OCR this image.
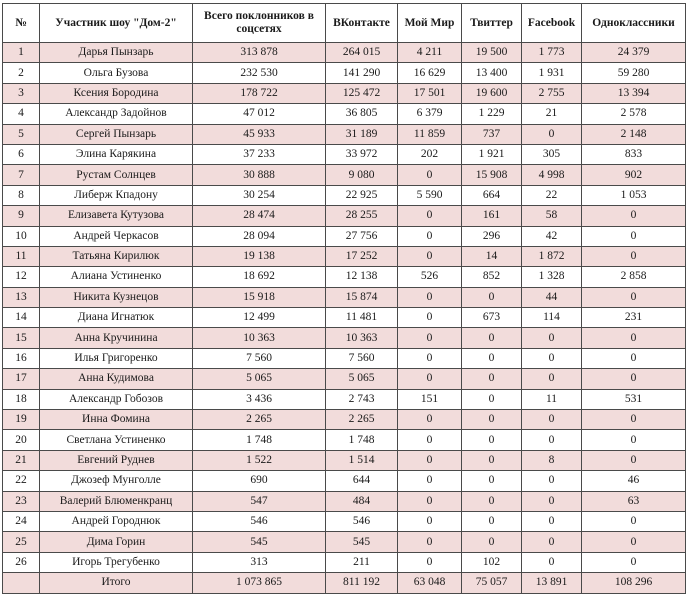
№	Участник шоу "Дом-2"	Всего поклонников в соцсетях	ВКонтакте	Мой Мир	Твиттер	Facebook	Одноклассники
1	Дарья Пынзарь	313 878	264 015	4 211	19 500	1 773	24 379
2	Ольга Бузова	232 530	141 290	16 629	13 400	1 931	59 280
3	Ксения Бородина	178 722	125 472	17 501	19 600	2 755	13 394
4	Александр Задойнов	47 012	36 805	6 379	1 229	21	2 578
5	Сергей Пынзарь	45 933	31 189	11 859	737	0	2 148
6	Элина Карякина	37 233	33 972	202	1 921	305	833
7	Рустам Солнцев	30 888	9 080	0	15 908	4 998	902
8	Либерж Кпадону	30 254	22 925	5 590	664	22	1 053
9	Елизавета Кутузова	28 474	28 255	0	161	58	0
10	Андрей Черкасов	28 094	27 756	0	296	42	0
11	Татьяна Кирилюк	19 138	17 252	0	14	1 872	0
12	Алиана Устиненко	18 692	12 138	526	852	1 328	2 858
13	Никита Кузнецов	15 918	15 874	0	0	44	0
14	Диана Игнатюк	12 499	11 481	0	673	114	231
15	Анна Кручинина	10 363	10 363	0	0	0	0
16	Илья Григоренко	7 560	7 560	0	0	0	0
17	Анна Кудимова	5 065	5 065	0	0	0	0
18	Александр Гобозов	3 436	2 743	151	0	11	531
19	Инна Фомина	2 265	2 265	0	0	0	0
20	Светлана Устиненко	1 748	1 748	0	0	0	0
21	Евгений Руднев	1 522	1 514	0	0	8	0
22	Джозеф Мунголле	690	644	0	0	0	46
23	Валерий Блюменкранц	547	484	0	0	0	63
24	Андрей Городнюк	546	546	0	0	0	0
25	Дима Горин	545	545	0	0	0	0
26	Игорь Трегубенко	313	211	0	102	0	0
	Итого	1 073 865	811 192	63 048	75 057	13 891	108 296
